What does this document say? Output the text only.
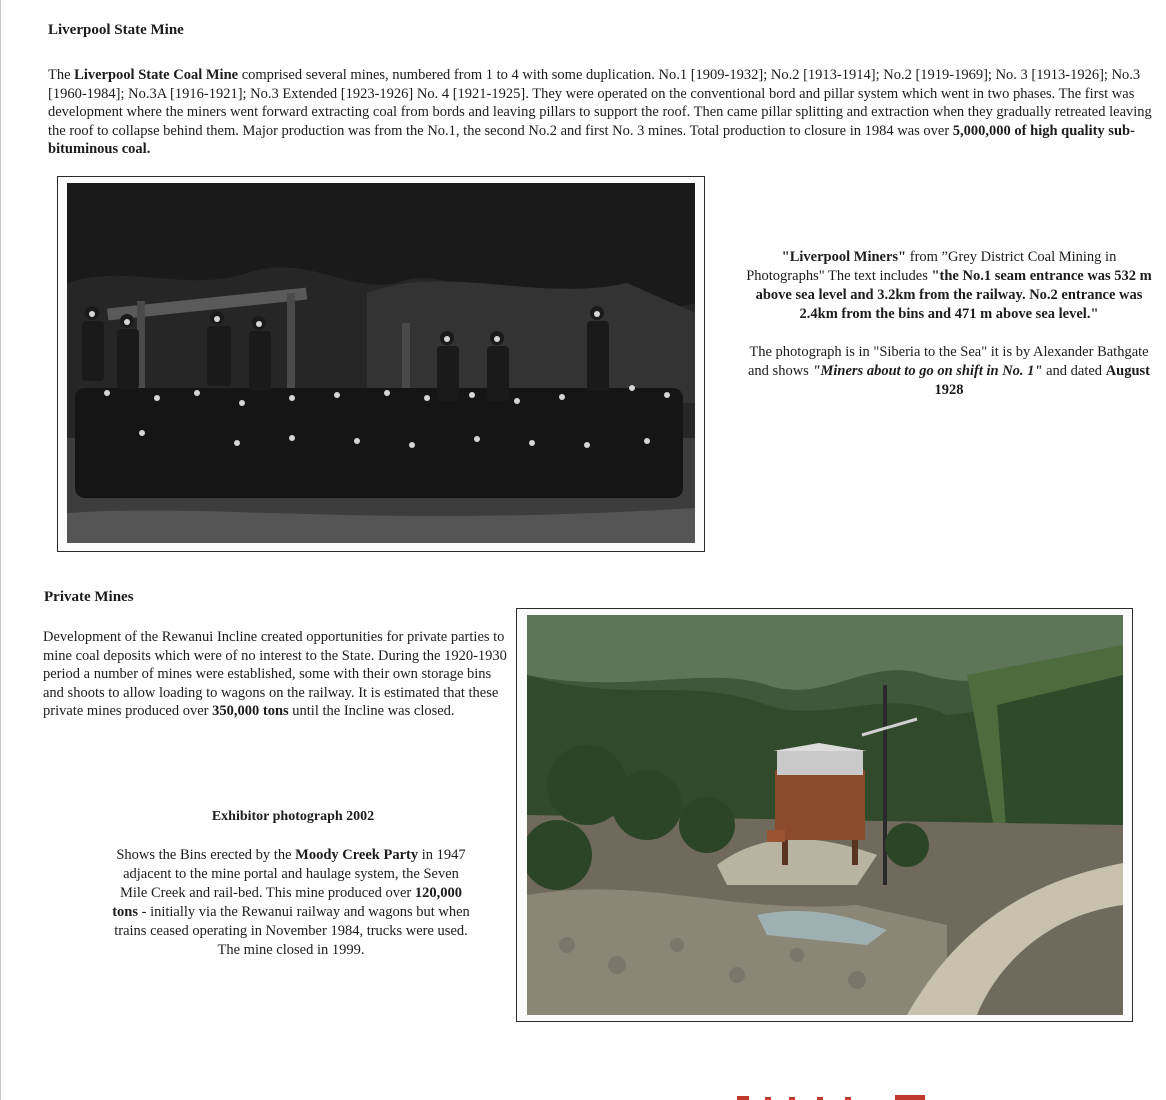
Liverpool State Mine

The Liverpool State Coal Mine comprised several mines, numbered from 1 to 4 with some duplication. No.1 [1909-1932]; No.2 [1913-1914]; No.2 [1919-1969]; No. 3 [1913-1926]; No.3 [1960-1984]; No.3A [1916-1921]; No.3 Extended [1923-1926] No. 4 [1921-1925]. They were operated on the conventional bord and pillar system which went in two phases. The first was development where the miners went forward extracting coal from bords and leaving pillars to support the roof. Then came pillar splitting and extraction when they gradually retreated leaving the roof to collapse behind them. Major production was from the No.1, the second No.2 and first No. 3 mines. Total production to closure in 1984 was over 5,000,000 of high quality sub-bituminous coal.

"Liverpool Miners" from ”Grey District Coal Mining in Photographs" The text includes "the No.1 seam entrance was 532 m above sea level and 3.2km from the railway. No.2 entrance was 2.4km from the bins and 471 m above sea level."

The photograph is in "Siberia to the Sea" it is by Alexander Bathgate and shows "Miners about to go on shift in No. 1" and dated August 1928

Private Mines

Development of the Rewanui Incline created opportunities for private parties to mine coal deposits which were of no interest to the State. During the 1920-1930 period a number of mines were established, some with their own storage bins and shoots to allow loading to wagons on the railway. It is estimated that these private mines produced over 350,000 tons until the Incline was closed.

Exhibitor photograph 2002

Shows the Bins erected by the Moody Creek Party in 1947 adjacent to the mine portal and haulage system, the Seven Mile Creek and rail-bed. This mine produced over 120,000 tons - initially via the Rewanui railway and wagons but when trains ceased operating in November 1984, trucks were used. The mine closed in 1999.
